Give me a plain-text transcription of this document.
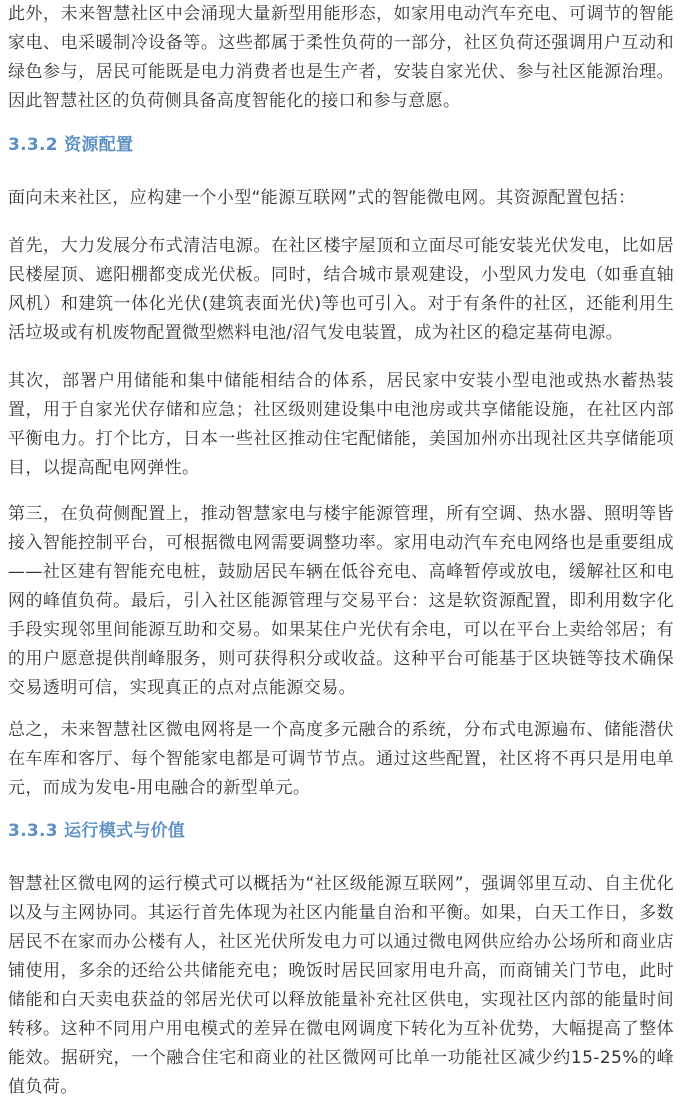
此外，未来智慧社区中会涌现大量新型用能形态，如家用电动汽车充电、可调节的智能家电、电采暖制冷设备等。这些都属于柔性负荷的一部分，社区负荷还强调用户互动和绿色参与，居民可能既是电力消费者也是生产者，安装自家光伏、参与社区能源治理。因此智慧社区的负荷侧具备高度智能化的接口和参与意愿。

3.3.2 资源配置

面向未来社区，应构建一个小型“能源互联网”式的智能微电网。其资源配置包括：

首先，大力发展分布式清洁电源。在社区楼宇屋顶和立面尽可能安装光伏发电，比如居民楼屋顶、遮阳棚都变成光伏板。同时，结合城市景观建设，小型风力发电（如垂直轴风机）和建筑一体化光伏(建筑表面光伏)等也可引入。对于有条件的社区，还能利用生活垃圾或有机废物配置微型燃料电池/沼气发电装置，成为社区的稳定基荷电源。

其次，部署户用储能和集中储能相结合的体系，居民家中安装小型电池或热水蓄热装置，用于自家光伏存储和应急；社区级则建设集中电池房或共享储能设施，在社区内部平衡电力。打个比方，日本一些社区推动住宅配储能，美国加州亦出现社区共享储能项目，以提高配电网弹性。

第三，在负荷侧配置上，推动智慧家电与楼宇能源管理，所有空调、热水器、照明等皆接入智能控制平台，可根据微电网需要调整功率。家用电动汽车充电网络也是重要组成——社区建有智能充电桩，鼓励居民车辆在低谷充电、高峰暂停或放电，缓解社区和电网的峰值负荷。最后，引入社区能源管理与交易平台：这是软资源配置，即利用数字化手段实现邻里间能源互助和交易。如果某住户光伏有余电，可以在平台上卖给邻居；有的用户愿意提供削峰服务，则可获得积分或收益。这种平台可能基于区块链等技术确保交易透明可信，实现真正的点对点能源交易。

总之，未来智慧社区微电网将是一个高度多元融合的系统，分布式电源遍布、储能潜伏在车库和客厅、每个智能家电都是可调节节点。通过这些配置，社区将不再只是用电单元，而成为发电-用电融合的新型单元。

3.3.3 运行模式与价值

智慧社区微电网的运行模式可以概括为“社区级能源互联网”，强调邻里互动、自主优化以及与主网协同。其运行首先体现为社区内能量自治和平衡。如果，白天工作日，多数居民不在家而办公楼有人，社区光伏所发电力可以通过微电网供应给办公场所和商业店铺使用，多余的还给公共储能充电；晚饭时居民回家用电升高，而商铺关门节电，此时储能和白天卖电获益的邻居光伏可以释放能量补充社区供电，实现社区内部的能量时间转移。这种不同用户用电模式的差异在微电网调度下转化为互补优势，大幅提高了整体能效。据研究，一个融合住宅和商业的社区微网可比单一功能社区减少约15-25%的峰值负荷。
